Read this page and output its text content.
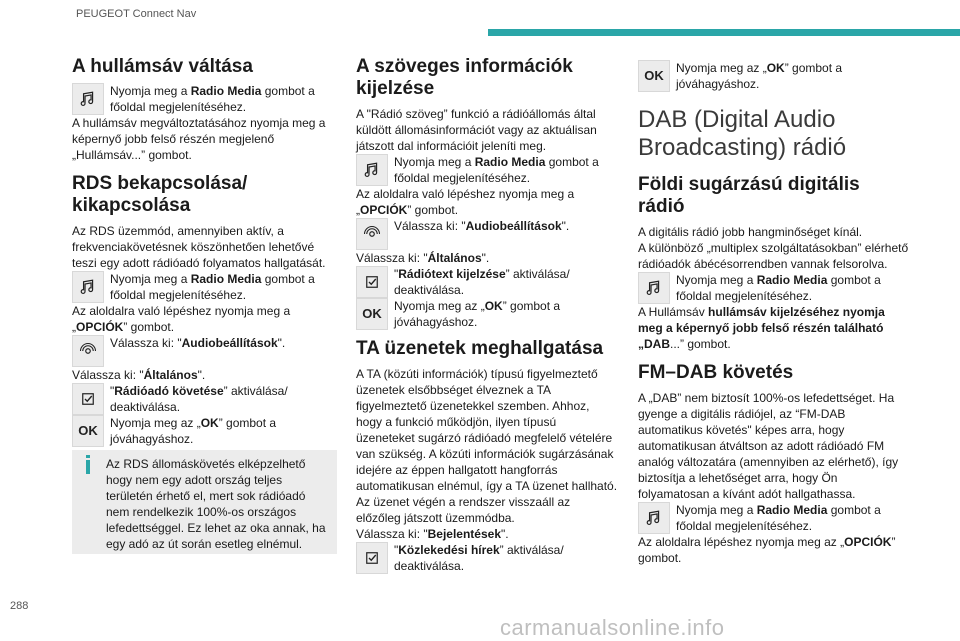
PEUGEOT Connect Nav
A hullámsáv váltása
Nyomja meg a Radio Media gombot a főoldal megjelenítéséhez.

A hullámsáv megváltoztatásához nyomja meg a képernyő jobb felső részén megjelenő „Hullámsáv...” gombot.

RDS bekapcsolása/ kikapcsolása

Az RDS üzemmód, amennyiben aktív, a frekvenciakövetésnek köszönhetően lehetővé teszi egy adott rádióadó folyamatos hallgatását.

Nyomja meg a Radio Media gombot a főoldal megjelenítéséhez.

Az aloldalra való lépéshez nyomja meg a „OPCIÓK” gombot.

Válassza ki: "Audiobeállítások".

Válassza ki: "Általános".

"Rádióadó követése” aktiválása/ deaktiválása.
OK	Nyomja meg az „OK” gombot a jóváhagyáshoz.
Az RDS állomáskövetés elképzelhető hogy nem egy adott ország teljes területén érhető el, mert sok rádióadó nem rendelkezik 100%-os országos lefedettséggel. Ez lehet az oka annak, ha egy adó az út során esetleg elnémul.
A szöveges információk kijelzése

A "Rádió szöveg” funkció a rádióállomás által küldött állomásinformációt vagy az aktuálisan játszott dal információit jeleníti meg.

Nyomja meg a Radio Media gombot a főoldal megjelenítéséhez.

Az aloldalra való lépéshez nyomja meg a „OPCIÓK” gombot.

Válassza ki: "Audiobeállítások".

Válassza ki: "Általános".

"Rádiótext kijelzése” aktiválása/ deaktiválása.
OK	Nyomja meg az „OK” gombot a jóváhagyáshoz.
TA üzenetek meghallgatása

A TA (közúti információk) típusú figyelmeztető üzenetek elsőbbséget élveznek a TA figyelmeztető üzenetekkel szemben. Ahhoz, hogy a funkció működjön, ilyen típusú üzeneteket sugárzó rádióadó megfelelő vételére van szükség. A közúti információk sugárzásának idejére az éppen hallgatott hangforrás automatikusan elnémul, így a TA üzenet hallható. Az üzenet végén a rendszer visszaáll az előzőleg játszott üzemmódba.

Válassza ki: "Bejelentések".

"Közlekedési hírek” aktiválása/ deaktiválása.
OK	Nyomja meg az „OK” gombot a jóváhagyáshoz.
DAB (Digital Audio Broadcasting) rádió
Földi sugárzású digitális rádió

A digitális rádió jobb hangminőséget kínál.

A különböző „multiplex szolgáltatásokban” elérhető rádióadók ábécésorrendben vannak felsorolva.

Nyomja meg a Radio Media gombot a főoldal megjelenítéséhez.

A Hullámsáv hullámsáv kijelzéséhez nyomja meg a képernyő jobb felső részén található „DAB...” gombot.

FM–DAB követés

A „DAB” nem biztosít 100%-os lefedettséget. Ha gyenge a digitális rádiójel, az “FM-DAB automatikus követés" képes arra, hogy automatikusan átváltson az adott rádióadó FM analóg változatára (amennyiben az elérhető), így biztosítja a lehetőséget arra, hogy Ön folyamatosan a kívánt adót hallgathassa.

Nyomja meg a Radio Media gombot a főoldal megjelenítéséhez.

Az aloldalra lépéshez nyomja meg az „OPCIÓK” gombot.

288
carmanualsonline.info
